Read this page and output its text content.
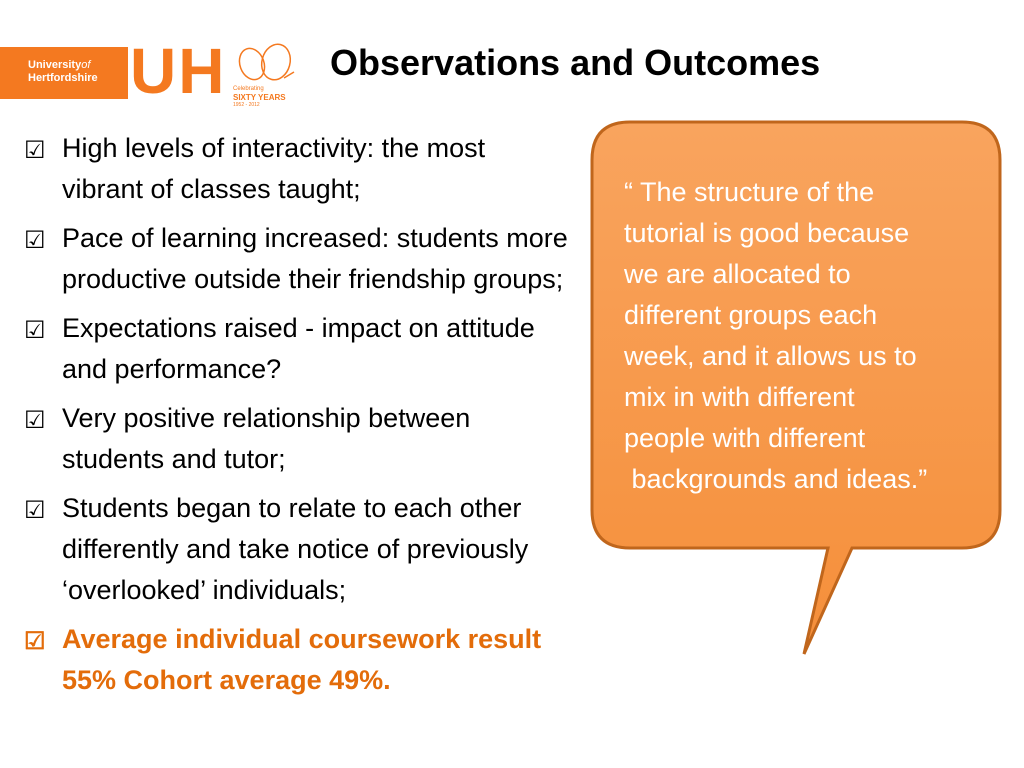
Universityof
Hertfordshire UH Celebrating
SIXTY YEARS
1952 - 2012
Observations and Outcomes
☑ High levels of interactivity: the most vibrant of classes taught;
☑ Pace of learning increased: students more productive outside their friendship groups;
☑ Expectations raised - impact on attitude and performance?
☑ Very positive relationship between students and tutor;
☑ Students began to relate to each other differently and take notice of previously ‘overlooked’ individuals;
☑ Average individual coursework result 55% Cohort average 49%.

“ The structure of the
tutorial is good because
we are allocated to
different groups each
week, and it allows us to
mix in with different
people with different
backgrounds and ideas.”
